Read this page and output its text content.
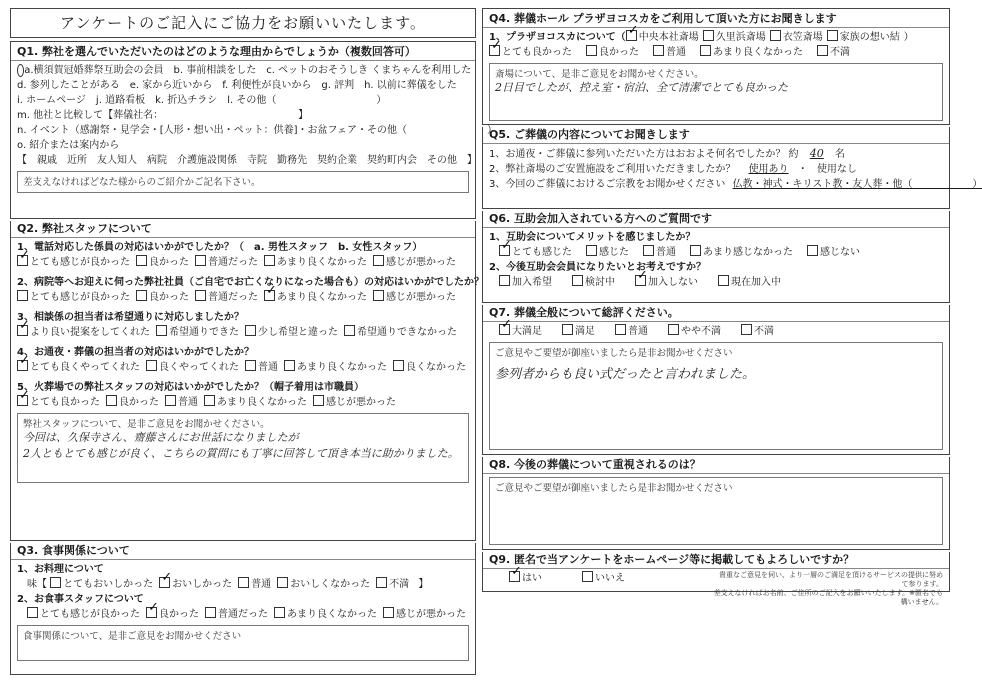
アンケートのご記入にご協力をお願いいたします。
Q1. 弊社を選んでいただいたのはどのような理由からでしょうか（複数回答可）
a.横須賀冠婚葬祭互助会の会員　b. 事前相談をした　c. ペットのおそうしき くまちゃんを利用した
d. 参列したことがある　e. 家から近いから　f. 利便性が良いから　g. 評判　h. 以前に葬儀をした
i. ホームページ　j. 道路看板　k. 折込チラシ　l. その他（　　　　　　　　　　）
m. 他社と比較して【葬儀社名：　　　　　　　　　　　　　　】
n. イベント（感謝祭・見学会・[人形・想い出・ペット：供養]・お盆フェア・その他（　　　　　　　　）
o. 紹介または案内から
【　親戚　近所　友人知人　病院　介護施設関係　寺院　勤務先　契約企業　契約町内会　その他　】
差支えなければどなた様からのご紹介かご記名下さい。
Q2. 弊社スタッフについて
1、電話対応した係員の対応はいかがでしたか？（　a. 男性スタッフ　b. 女性スタッフ）
✓とても感じが良かった 良かった 普通だった あまり良くなかった 感じが悪かった
2、病院等へお迎えに伺った弊社社員（ご自宅でお亡くなりになった場合も）の対応はいかがでしたか？
とても感じが良かった 良かった 普通だった ✓ あまり良くなかった 感じが悪かった
3、相談係の担当者は希望通りに対応しましたか？
✓より良い提案をしてくれた 希望通りできた 少し希望と違った 希望通りできなかった
4、お通夜・葬儀の担当者の対応はいかがでしたか？
✓とても良くやってくれた 良くやってくれた 普通 あまり良くなかった 良くなかった
5、火葬場での弊社スタッフの対応はいかがでしたか？（帽子着用は市職員）
✓とても良かった 良かった 普通 あまり良くなかった 感じが悪かった
弊社スタッフについて、是非ご意見をお聞かせください。
今回は、久保寺さん、齋藤さんにお世話になりましたが
2人ともとても感じが良く、こちらの質問にも丁寧に回答して頂き本当に助かりました。
Q3. 食事関係について
1、お料理について
味【 とてもおいしかった ✓ おいしかった 普通 おいしくなかった 不満 】
2、お食事スタッフについて
とても感じが良かった ✓ 良かった 普通だった あまり良くなかった 感じが悪かった
食事関係について、是非ご意見をお聞かせください
Q4. 葬儀ホール プラザヨコスカをご利用して頂いた方にお聞きします
1、プラザヨコスカについて（ ✓ 中央本社斎場 久里浜斎場 衣笠斎場 家族の想い結 ）
✓とても良かった	良かった	普通	あまり良くなかった	不満
斎場について、是非ご意見をお聞かせください。
2日目でしたが、控え室・宿泊、全て清潔でとても良かった
Q5. ご葬儀の内容についてお聞きします
1、お通夜・ご葬儀に参列いただいた方はおおよそ何名でしたか？ 約 40 名
2、弊社斎場のご安置施設をご利用いただきましたか？ 使用あり ・ 使用なし
3、今回のご葬儀におけるご宗教をお聞かせください 仏教・神式・キリスト教・友人葬・他（　　　　　　）
Q6. 互助会加入されている方へのご質問です
1、互助会についてメリットを感じましたか？
✓とても感じた	感じた	普通	あまり感じなかった	感じない
2、今後互助会会員になりたいとお考えですか？
加入希望	検討中 ✓	加入しない	現在加入中
Q7. 葬儀全般について総評ください。
✓大満足	満足	普通	やや不満	不満
ご意見やご要望が御座いましたら是非お聞かせください
参列者からも良い式だったと言われました。
Q8. 今後の葬儀について重視されるのは？
ご意見やご要望が御座いましたら是非お聞かせください
Q9. 匿名で当アンケートをホームページ等に掲載してもよろしいですか？
✓はい	いいえ	貴重なご意見を伺い、より一層のご満足を頂けるサービスの提供に努めて参ります。
差支えなければお名前、ご住所のご記入をお願いいたします。※匿名でも構いません。
